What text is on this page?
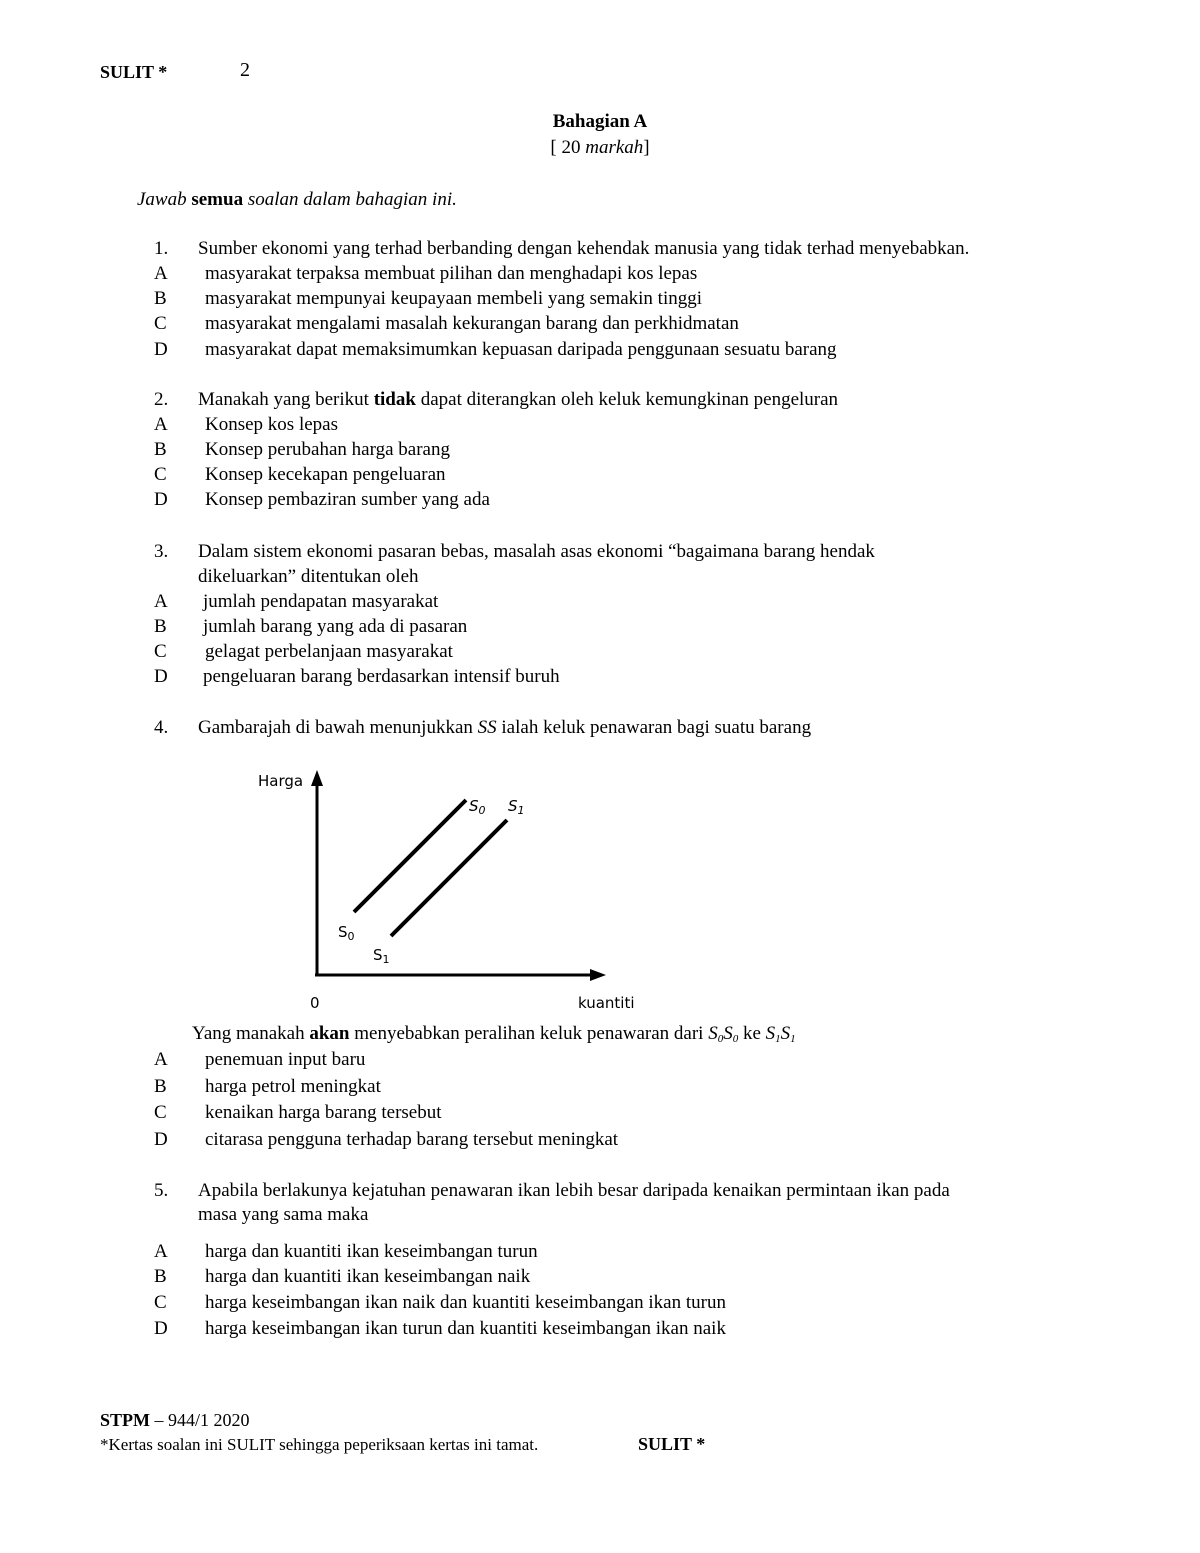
SULIT *	2
Bahagian A
[ 20 markah]
Jawab semua soalan dalam bahagian ini.
1. Sumber ekonomi yang terhad berbanding dengan kehendak manusia yang tidak terhad menyebabkan.
A masyarakat terpaksa membuat pilihan dan menghadapi kos lepas
B masyarakat mempunyai keupayaan membeli yang semakin tinggi
C masyarakat mengalami masalah kekurangan barang dan perkhidmatan
D masyarakat dapat memaksimumkan kepuasan daripada penggunaan sesuatu barang
2. Manakah yang berikut tidak dapat diterangkan oleh keluk kemungkinan pengeluran
A Konsep kos lepas
B Konsep perubahan harga barang
C Konsep kecekapan pengeluaran
D Konsep pembaziran sumber yang ada
3. Dalam sistem ekonomi pasaran bebas, masalah asas ekonomi “bagaimana barang hendak
dikeluarkan” ditentukan oleh
A jumlah pendapatan masyarakat
B jumlah barang yang ada di pasaran
C gelagat perbelanjaan masyarakat
D pengeluaran barang berdasarkan intensif buruh
4. Gambarajah di bawah menunjukkan SS ialah keluk penawaran bagi suatu barang
Harga
kuantiti
0
$S_0$ $S_1$
$S_0$
$S_1$
Yang manakah akan menyebabkan peralihan keluk penawaran dari $S_0S_0$ ke $S_1S_1$
A penemuan input baru
B harga petrol meningkat
C kenaikan harga barang tersebut
D citarasa pengguna terhadap barang tersebut meningkat
5. Apabila berlakunya kejatuhan penawaran ikan lebih besar daripada kenaikan permintaan ikan pada
masa yang sama maka
A harga dan kuantiti ikan keseimbangan turun
B harga dan kuantiti ikan keseimbangan naik
C harga keseimbangan ikan naik dan kuantiti keseimbangan ikan turun
D harga keseimbangan ikan turun dan kuantiti keseimbangan ikan naik
STPM – 944/1 2020
*Kertas soalan ini SULIT sehingga peperiksaan kertas ini tamat.	SULIT *
